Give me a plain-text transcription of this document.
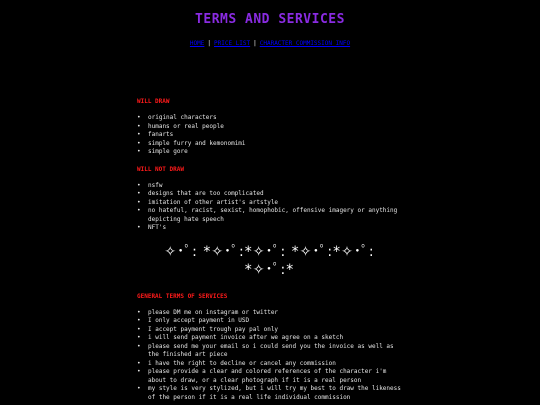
TERMS AND SERVICES
HOME | PRICE LIST | CHARACTER COMMISSION INFO
WILL DRAW
• original characters
• humans or real people
• fanarts
• simple furry and kemonomimi
• simple gore
WILL NOT DRAW
• nsfw
• designs that are too complicated
• imitation of other artist's artstyle
• no hateful, racist, sexist, homophobic, offensive imagery or anything depicting hate speech
• NFT's
✧･ﾟ: *✧･ﾟ:*✧･ﾟ: *✧･ﾟ:*✧･ﾟ:
*✧･ﾟ:*
GENERAL TERMS OF SERVICES
• please DM me on instagram or twitter
• I only accept payment in USD
• I accept payment trough pay pal only
• i will send payment invoice after we agree on a sketch
• please send me your email so i could send you the invoice as well as the finished art piece
• i have the right to decline or cancel any commission
• please provide a clear and colored references of the character i'm about to draw, or a clear photograph if it is a real person
• my style is very stylized, but i will try my best to draw the likeness of the person if it is a real life individual commission
